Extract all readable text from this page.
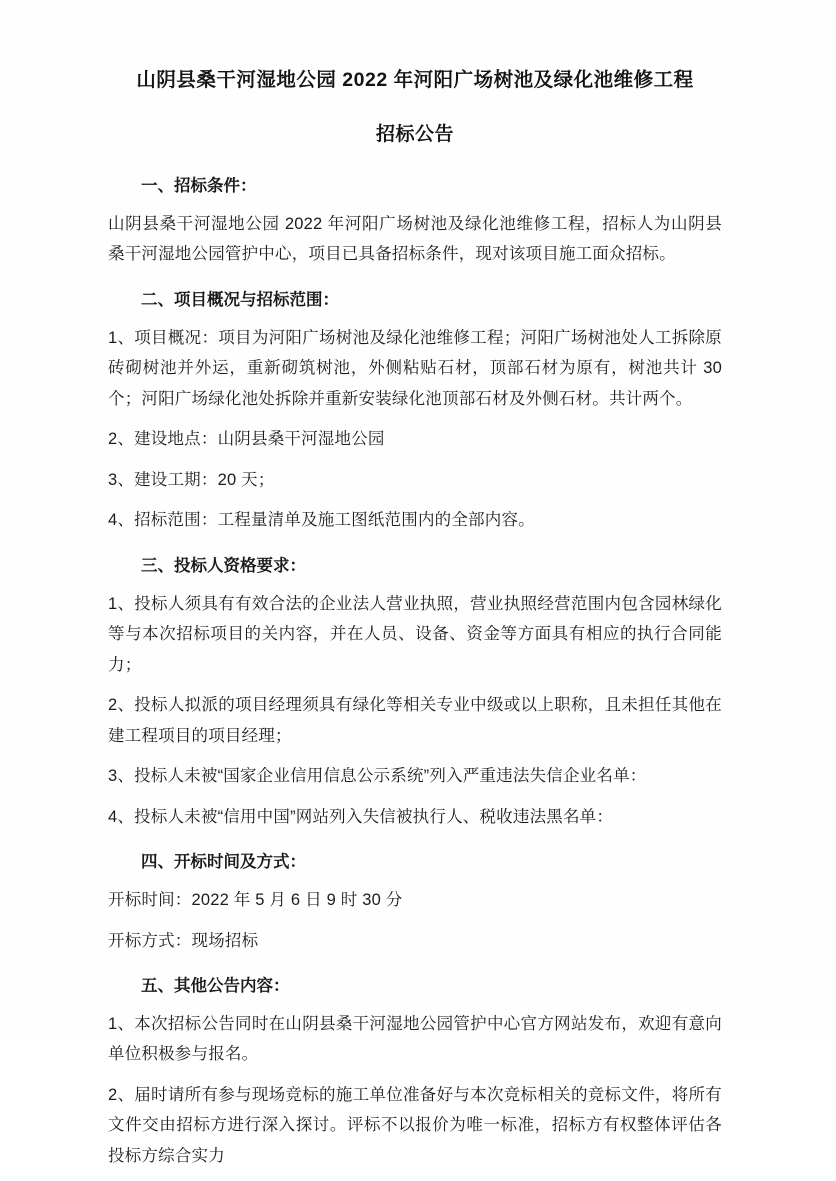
山阴县桑干河湿地公园 2022 年河阳广场树池及绿化池维修工程
招标公告
一、招标条件：

山阴县桑干河湿地公园 2022 年河阳广场树池及绿化池维修工程，招标人为山阴县桑干河湿地公园管护中心，项目已具备招标条件，现对该项目施工面众招标。

二、项目概况与招标范围：

1、项目概况：项目为河阳广场树池及绿化池维修工程；河阳广场树池处人工拆除原砖砌树池并外运，重新砌筑树池，外侧粘贴石材，顶部石材为原有，树池共计 30 个；河阳广场绿化池处拆除并重新安装绿化池顶部石材及外侧石材。共计两个。

2、建设地点：山阴县桑干河湿地公园

3、建设工期：20 天；

4、招标范围：工程量清单及施工图纸范围内的全部内容。

三、投标人资格要求：

1、投标人须具有有效合法的企业法人营业执照，营业执照经营范围内包含园林绿化等与本次招标项目的关内容，并在人员、设备、资金等方面具有相应的执行合同能力；

2、投标人拟派的项目经理须具有绿化等相关专业中级或以上职称，且未担任其他在建工程项目的项目经理；

3、投标人未被“国家企业信用信息公示系统”列入严重违法失信企业名单：

4、投标人未被“信用中国”网站列入失信被执行人、税收违法黑名单：

四、开标时间及方式：

开标时间：2022 年 5 月 6 日 9 时 30 分

开标方式：现场招标

五、其他公告内容：

1、本次招标公告同时在山阴县桑干河湿地公园管护中心官方网站发布，欢迎有意向单位积极参与报名。

2、届时请所有参与现场竞标的施工单位准备好与本次竞标相关的竞标文件，将所有文件交由招标方进行深入探讨。评标不以报价为唯一标准，招标方有权整体评估各投标方综合实力
